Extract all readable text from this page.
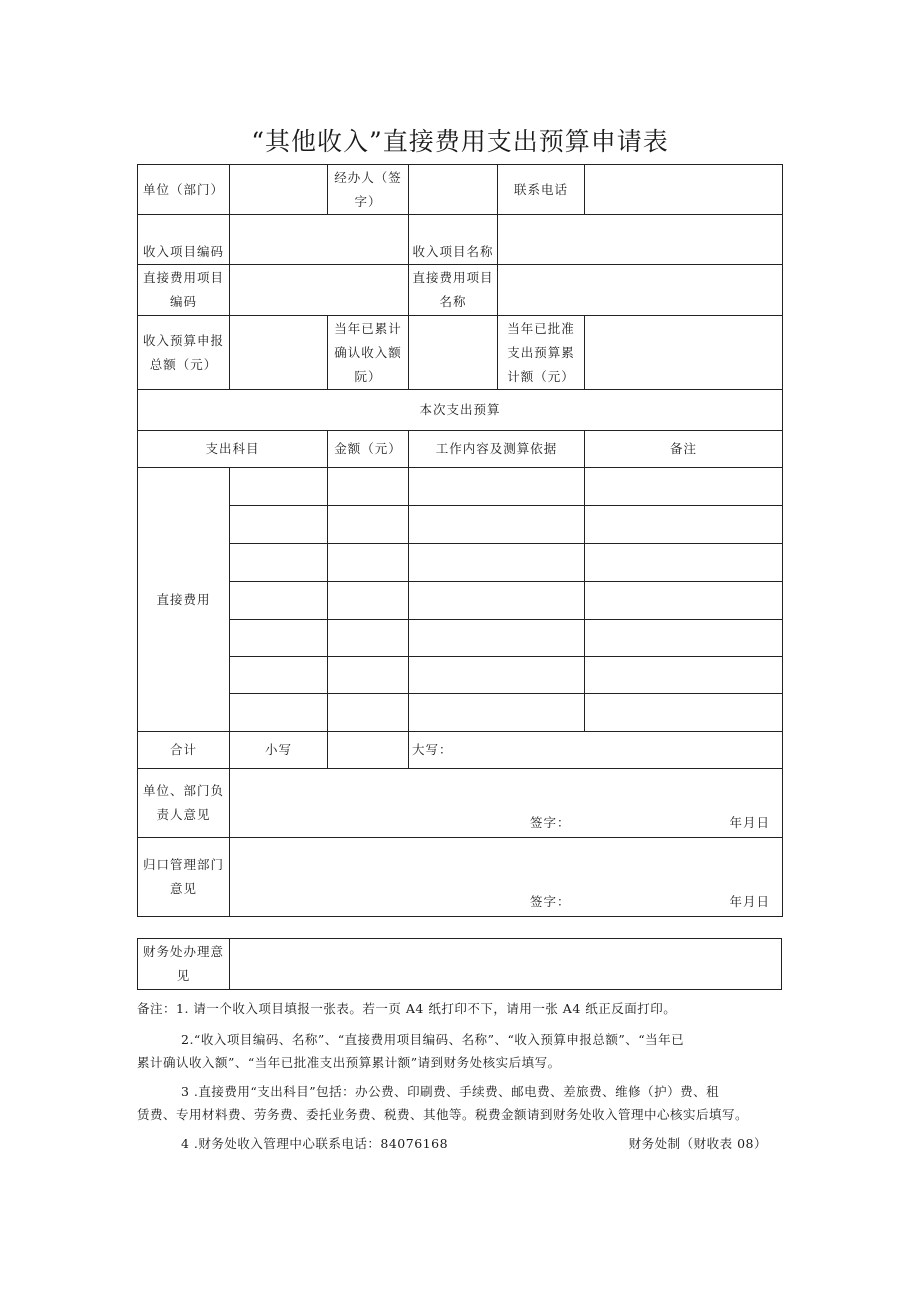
“其他收入”直接费用支出预算申请表
单位（部门）		经办人（签字）		联系电话	
收入项目编码			收入项目名称		
直接费用项目编码			直接费用项目名称		
收入预算申报总额（元）		当年已累计确认收入额阮）		当年已批准支出预算累计额（元）	
本次支出预算					
支出科目		金额（元）	工作内容及测算依据		备注
直接费用					

合计	小写		大写：		
单位、部门负责人意见	签字： 年月日				

归口管理部门意见	签字： 年月日				
财务处办理意见	

备注：1. 请一个收入项目填报一张表。若一页 A4 纸打印不下，请用一张 A4 纸正反面打印。

2.“收入项目编码、名称”、“直接费用项目编码、名称”、“收入预算申报总额”、“当年已

累计确认收入额”、“当年已批准支出预算累计额”请到财务处核实后填写。

3 .直接费用“支出科目”包括：办公费、印刷费、手续费、邮电费、差旅费、维修（护）费、租

赁费、专用材料费、劳务费、委托业务费、税费、其他等。税费金额请到财务处收入管理中心核实后填写。

4 .财务处收入管理中心联系电话：84076168	财务处制（财收表 08）
